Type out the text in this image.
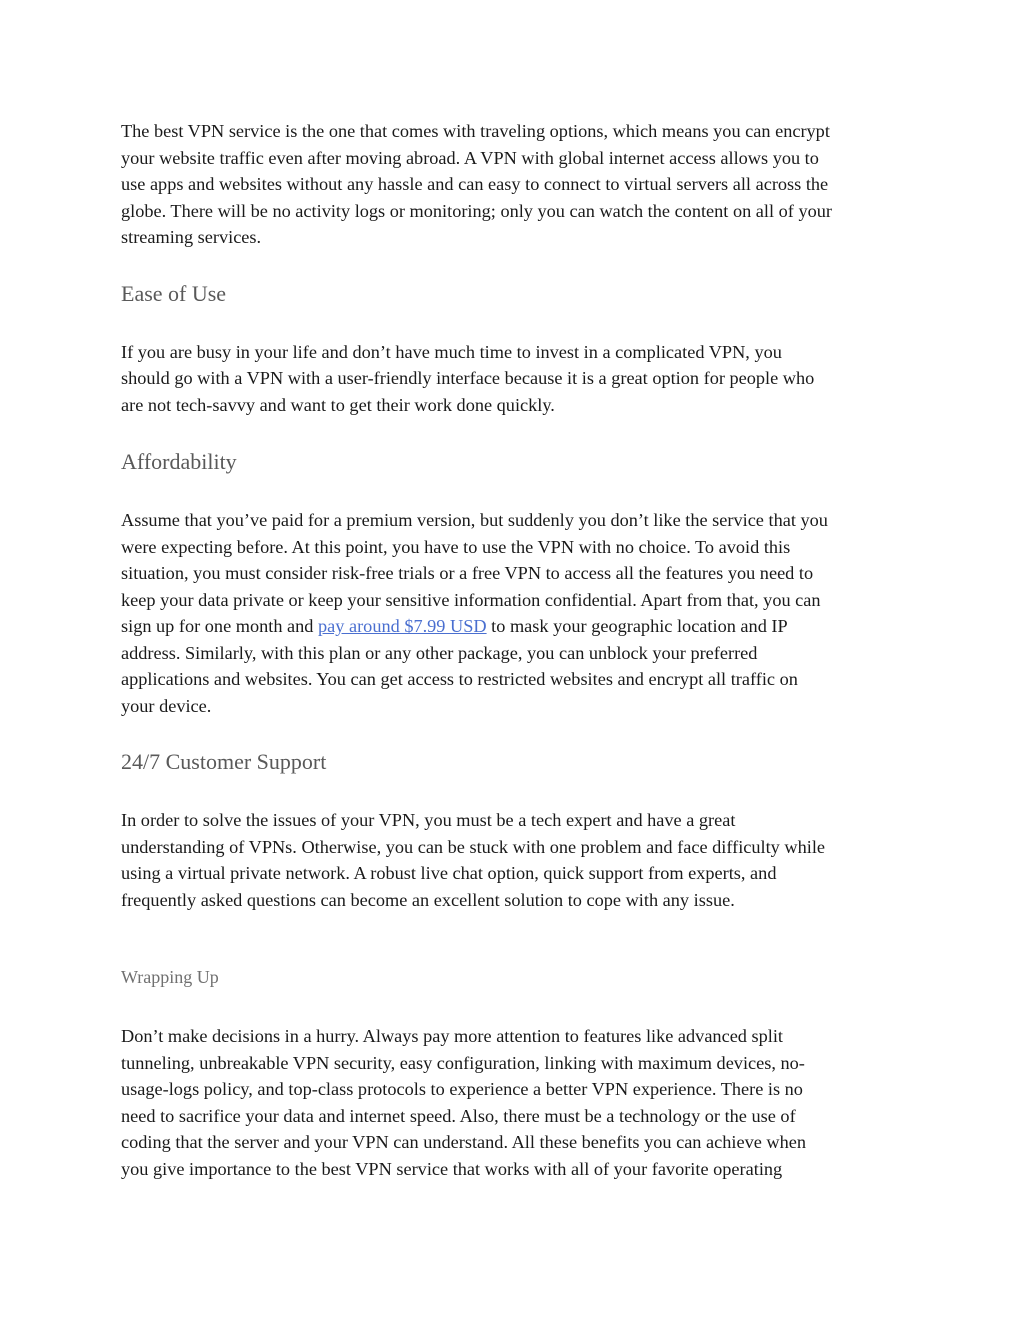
The best VPN service is the one that comes with traveling options, which means you can encrypt
your website traffic even after moving abroad. A VPN with global internet access allows you to
use apps and websites without any hassle and can easy to connect to virtual servers all across the
globe. There will be no activity logs or monitoring; only you can watch the content on all of your
streaming services.

Ease of Use

If you are busy in your life and don’t have much time to invest in a complicated VPN, you
should go with a VPN with a user-friendly interface because it is a great option for people who
are not tech-savvy and want to get their work done quickly.

Affordability

Assume that you’ve paid for a premium version, but suddenly you don’t like the service that you
were expecting before. At this point, you have to use the VPN with no choice. To avoid this
situation, you must consider risk-free trials or a free VPN to access all the features you need to
keep your data private or keep your sensitive information confidential. Apart from that, you can
sign up for one month and pay around $7.99 USD to mask your geographic location and IP
address. Similarly, with this plan or any other package, you can unblock your preferred
applications and websites. You can get access to restricted websites and encrypt all traffic on
your device.

24/7 Customer Support

In order to solve the issues of your VPN, you must be a tech expert and have a great
understanding of VPNs. Otherwise, you can be stuck with one problem and face difficulty while
using a virtual private network. A robust live chat option, quick support from experts, and
frequently asked questions can become an excellent solution to cope with any issue.

Wrapping Up

Don’t make decisions in a hurry. Always pay more attention to features like advanced split
tunneling, unbreakable VPN security, easy configuration, linking with maximum devices, no-
usage-logs policy, and top-class protocols to experience a better VPN experience. There is no
need to sacrifice your data and internet speed. Also, there must be a technology or the use of
coding that the server and your VPN can understand. All these benefits you can achieve when
you give importance to the best VPN service that works with all of your favorite operating
